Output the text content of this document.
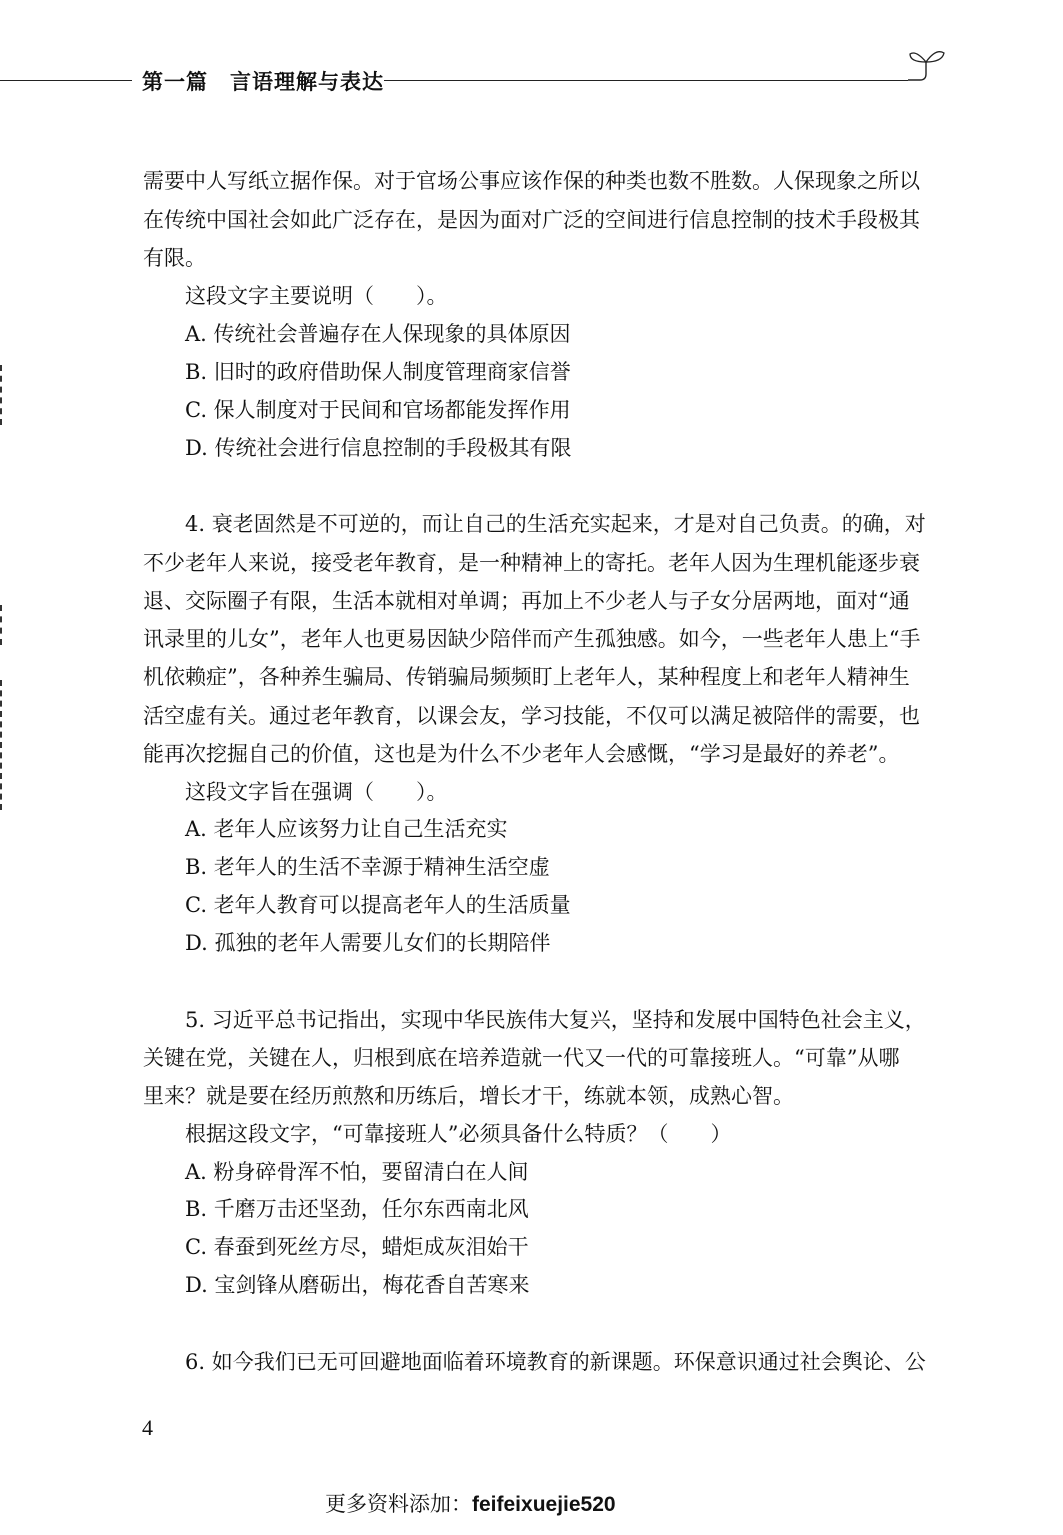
第一篇　 言语理解与表达
需要中人写纸立据作保。对于官场公事应该作保的种类也数不胜数。人保现象之所以
在传统中国社会如此广泛存在，是因为面对广泛的空间进行信息控制的技术手段极其
有限。
这段文字主要说明（　　）。
A. 传统社会普遍存在人保现象的具体原因
B. 旧时的政府借助保人制度管理商家信誉
C. 保人制度对于民间和官场都能发挥作用
D. 传统社会进行信息控制的手段极其有限
4. 衰老固然是不可逆的，而让自己的生活充实起来，才是对自己负责。的确，对
不少老年人来说，接受老年教育，是一种精神上的寄托。老年人因为生理机能逐步衰
退、交际圈子有限，生活本就相对单调；再加上不少老人与子女分居两地，面对“通
讯录里的儿女”，老年人也更易因缺少陪伴而产生孤独感。如今，一些老年人患上“手
机依赖症”，各种养生骗局、传销骗局频频盯上老年人，某种程度上和老年人精神生
活空虚有关。通过老年教育，以课会友，学习技能，不仅可以满足被陪伴的需要，也
能再次挖掘自己的价值，这也是为什么不少老年人会感慨，“学习是最好的养老”。
这段文字旨在强调（　　）。
A. 老年人应该努力让自己生活充实
B. 老年人的生活不幸源于精神生活空虚
C. 老年人教育可以提高老年人的生活质量
D. 孤独的老年人需要儿女们的长期陪伴
5. 习近平总书记指出，实现中华民族伟大复兴，坚持和发展中国特色社会主义，
关键在党，关键在人，归根到底在培养造就一代又一代的可靠接班人。“可靠”从哪
里来？就是要在经历煎熬和历练后，增长才干，练就本领，成熟心智。
根据这段文字，“可靠接班人”必须具备什么特质？（　　）
A. 粉身碎骨浑不怕，要留清白在人间
B. 千磨万击还坚劲，任尔东西南北风
C. 春蚕到死丝方尽，蜡炬成灰泪始干
D. 宝剑锋从磨砺出，梅花香自苦寒来
6. 如今我们已无可回避地面临着环境教育的新课题。环保意识通过社会舆论、公
4
更多资料添加：feifeixuejie520
